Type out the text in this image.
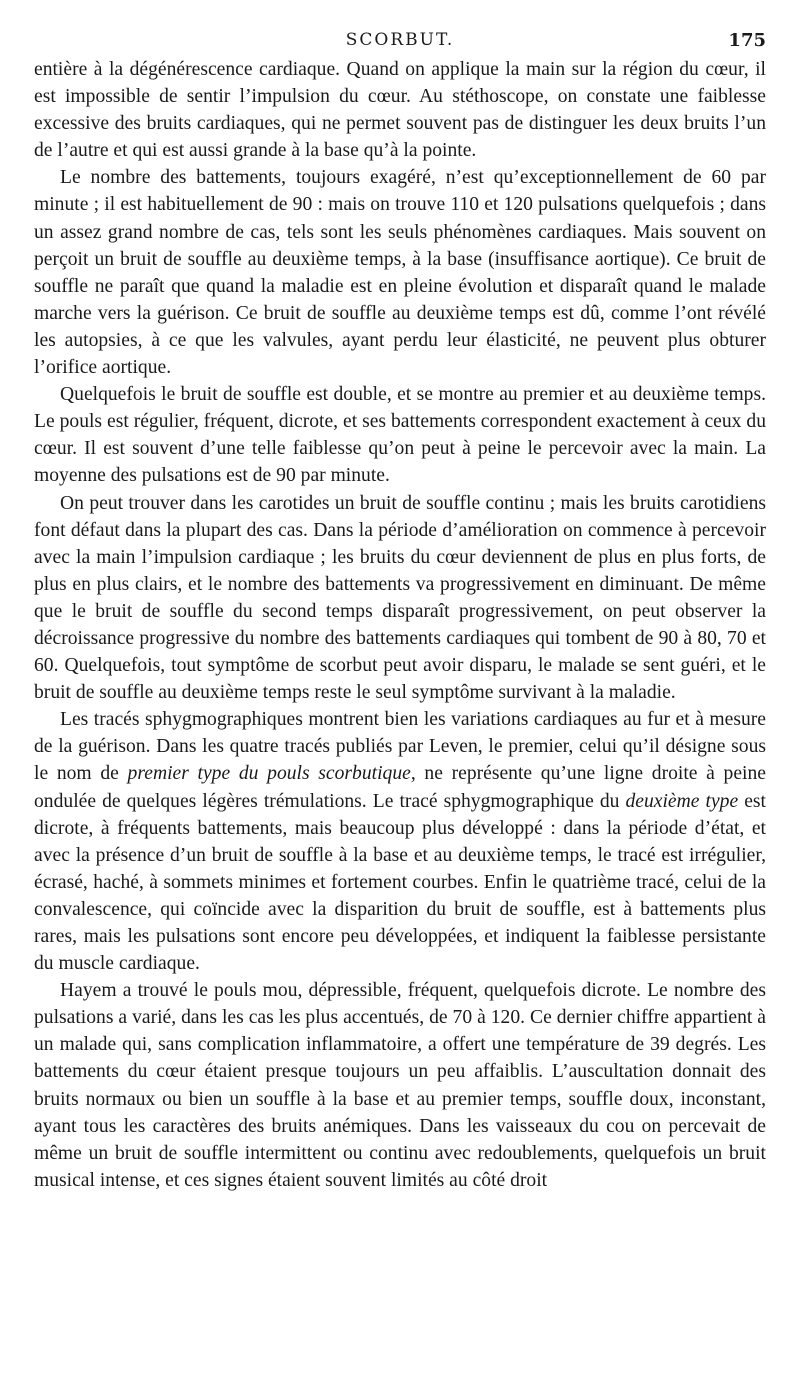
SCORBUT.	175

entière à la dégénérescence cardiaque. Quand on applique la main sur la région du cœur, il est impossible de sentir l’impulsion du cœur. Au stéthoscope, on constate une faiblesse excessive des bruits cardiaques, qui ne permet souvent pas de distinguer les deux bruits l’un de l’autre et qui est aussi grande à la base qu’à la pointe.

Le nombre des battements, toujours exagéré, n’est qu’exceptionnellement de 60 par minute ; il est habituellement de 90 : mais on trouve 110 et 120 pulsations quelquefois ; dans un assez grand nombre de cas, tels sont les seuls phénomènes cardiaques. Mais souvent on perçoit un bruit de souffle au deuxième temps, à la base (insuffisance aortique). Ce bruit de souffle ne paraît que quand la maladie est en pleine évolution et disparaît quand le malade marche vers la guérison. Ce bruit de souffle au deuxième temps est dû, comme l’ont révélé les autopsies, à ce que les valvules, ayant perdu leur élasticité, ne peuvent plus obturer l’orifice aortique.

Quelquefois le bruit de souffle est double, et se montre au premier et au deuxième temps. Le pouls est régulier, fréquent, dicrote, et ses battements correspondent exactement à ceux du cœur. Il est souvent d’une telle faiblesse qu’on peut à peine le percevoir avec la main. La moyenne des pulsations est de 90 par minute.

On peut trouver dans les carotides un bruit de souffle continu ; mais les bruits carotidiens font défaut dans la plupart des cas. Dans la période d’amélioration on commence à percevoir avec la main l’impulsion cardiaque ; les bruits du cœur deviennent de plus en plus forts, de plus en plus clairs, et le nombre des battements va progressivement en diminuant. De même que le bruit de souffle du second temps disparaît progressivement, on peut observer la décroissance progressive du nombre des battements cardiaques qui tombent de 90 à 80, 70 et 60. Quelquefois, tout symptôme de scorbut peut avoir disparu, le malade se sent guéri, et le bruit de souffle au deuxième temps reste le seul symptôme survivant à la maladie.

Les tracés sphygmographiques montrent bien les variations cardiaques au fur et à mesure de la guérison. Dans les quatre tracés publiés par Leven, le premier, celui qu’il désigne sous le nom de premier type du pouls scorbutique, ne représente qu’une ligne droite à peine ondulée de quelques légères trémulations. Le tracé sphygmographique du deuxième type est dicrote, à fréquents battements, mais beaucoup plus développé : dans la période d’état, et avec la présence d’un bruit de souffle à la base et au deuxième temps, le tracé est irrégulier, écrasé, haché, à sommets minimes et fortement courbes. Enfin le quatrième tracé, celui de la convalescence, qui coïncide avec la disparition du bruit de souffle, est à battements plus rares, mais les pulsations sont encore peu développées, et indiquent la faiblesse persistante du muscle cardiaque.

Hayem a trouvé le pouls mou, dépressible, fréquent, quelquefois dicrote. Le nombre des pulsations a varié, dans les cas les plus accentués, de 70 à 120. Ce dernier chiffre appartient à un malade qui, sans complication inflammatoire, a offert une température de 39 degrés. Les battements du cœur étaient presque toujours un peu affaiblis. L’auscultation donnait des bruits normaux ou bien un souffle à la base et au premier temps, souffle doux, inconstant, ayant tous les caractères des bruits anémiques. Dans les vaisseaux du cou on percevait de même un bruit de souffle intermittent ou continu avec redoublements, quelquefois un bruit musical intense, et ces signes étaient souvent limités au côté droit
